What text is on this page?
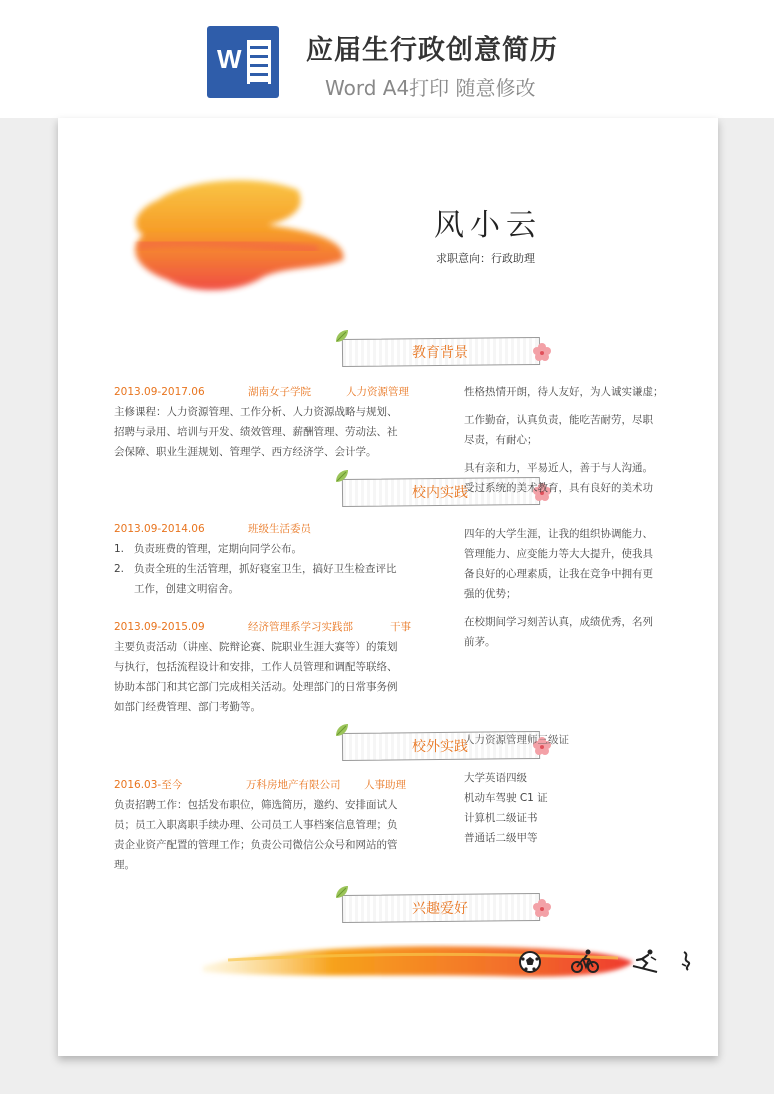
W 应届生行政创意简历
Word A4打印 随意修改
风小云
求职意向：行政助理
教育背景
2013.09-2017.06	湖南女子学院	人力资源管理
主修课程：人力资源管理、工作分析、人力资源战略与规划、
招聘与录用、培训与开发、绩效管理、薪酬管理、劳动法、社
会保障、职业生涯规划、管理学、西方经济学、会计学。
校内实践
2013.09-2014.06	班级生活委员
1. 负责班费的管理，定期向同学公布。
2. 负责全班的生活管理，抓好寝室卫生，搞好卫生检查评比
工作，创建文明宿舍。
2013.09-2015.09	经济管理系学习实践部	干事
主要负责活动（讲座、院辩论赛、院职业生涯大赛等）的策划
与执行，包括流程设计和安排，工作人员管理和调配等联络、
协助本部门和其它部门完成相关活动。处理部门的日常事务例
如部门经费管理、部门考勤等。
校外实践
2016.03-至今	万科房地产有限公司 人事助理
负责招聘工作：包括发布职位，筛选简历，邀约、安排面试人
员；员工入职离职手续办理、公司员工人事档案信息管理；负
责企业资产配置的管理工作；负责公司微信公众号和网站的管
理。
兴趣爱好
性格热情开朗，待人友好，为人诚实谦虚；
工作勤奋，认真负责，能吃苦耐劳，尽职
尽责，有耐心；
具有亲和力，平易近人，善于与人沟通。
受过系统的美术教育，具有良好的美术功
四年的大学生涯，让我的组织协调能力、
管理能力、应变能力等大大提升，使我具
备良好的心理素质，让我在竞争中拥有更
强的优势；
在校期间学习刻苦认真，成绩优秀，名列
前茅。
人力资源管理师三级证
大学英语四级
机动车驾驶 C1 证
计算机二级证书
普通话二级甲等
